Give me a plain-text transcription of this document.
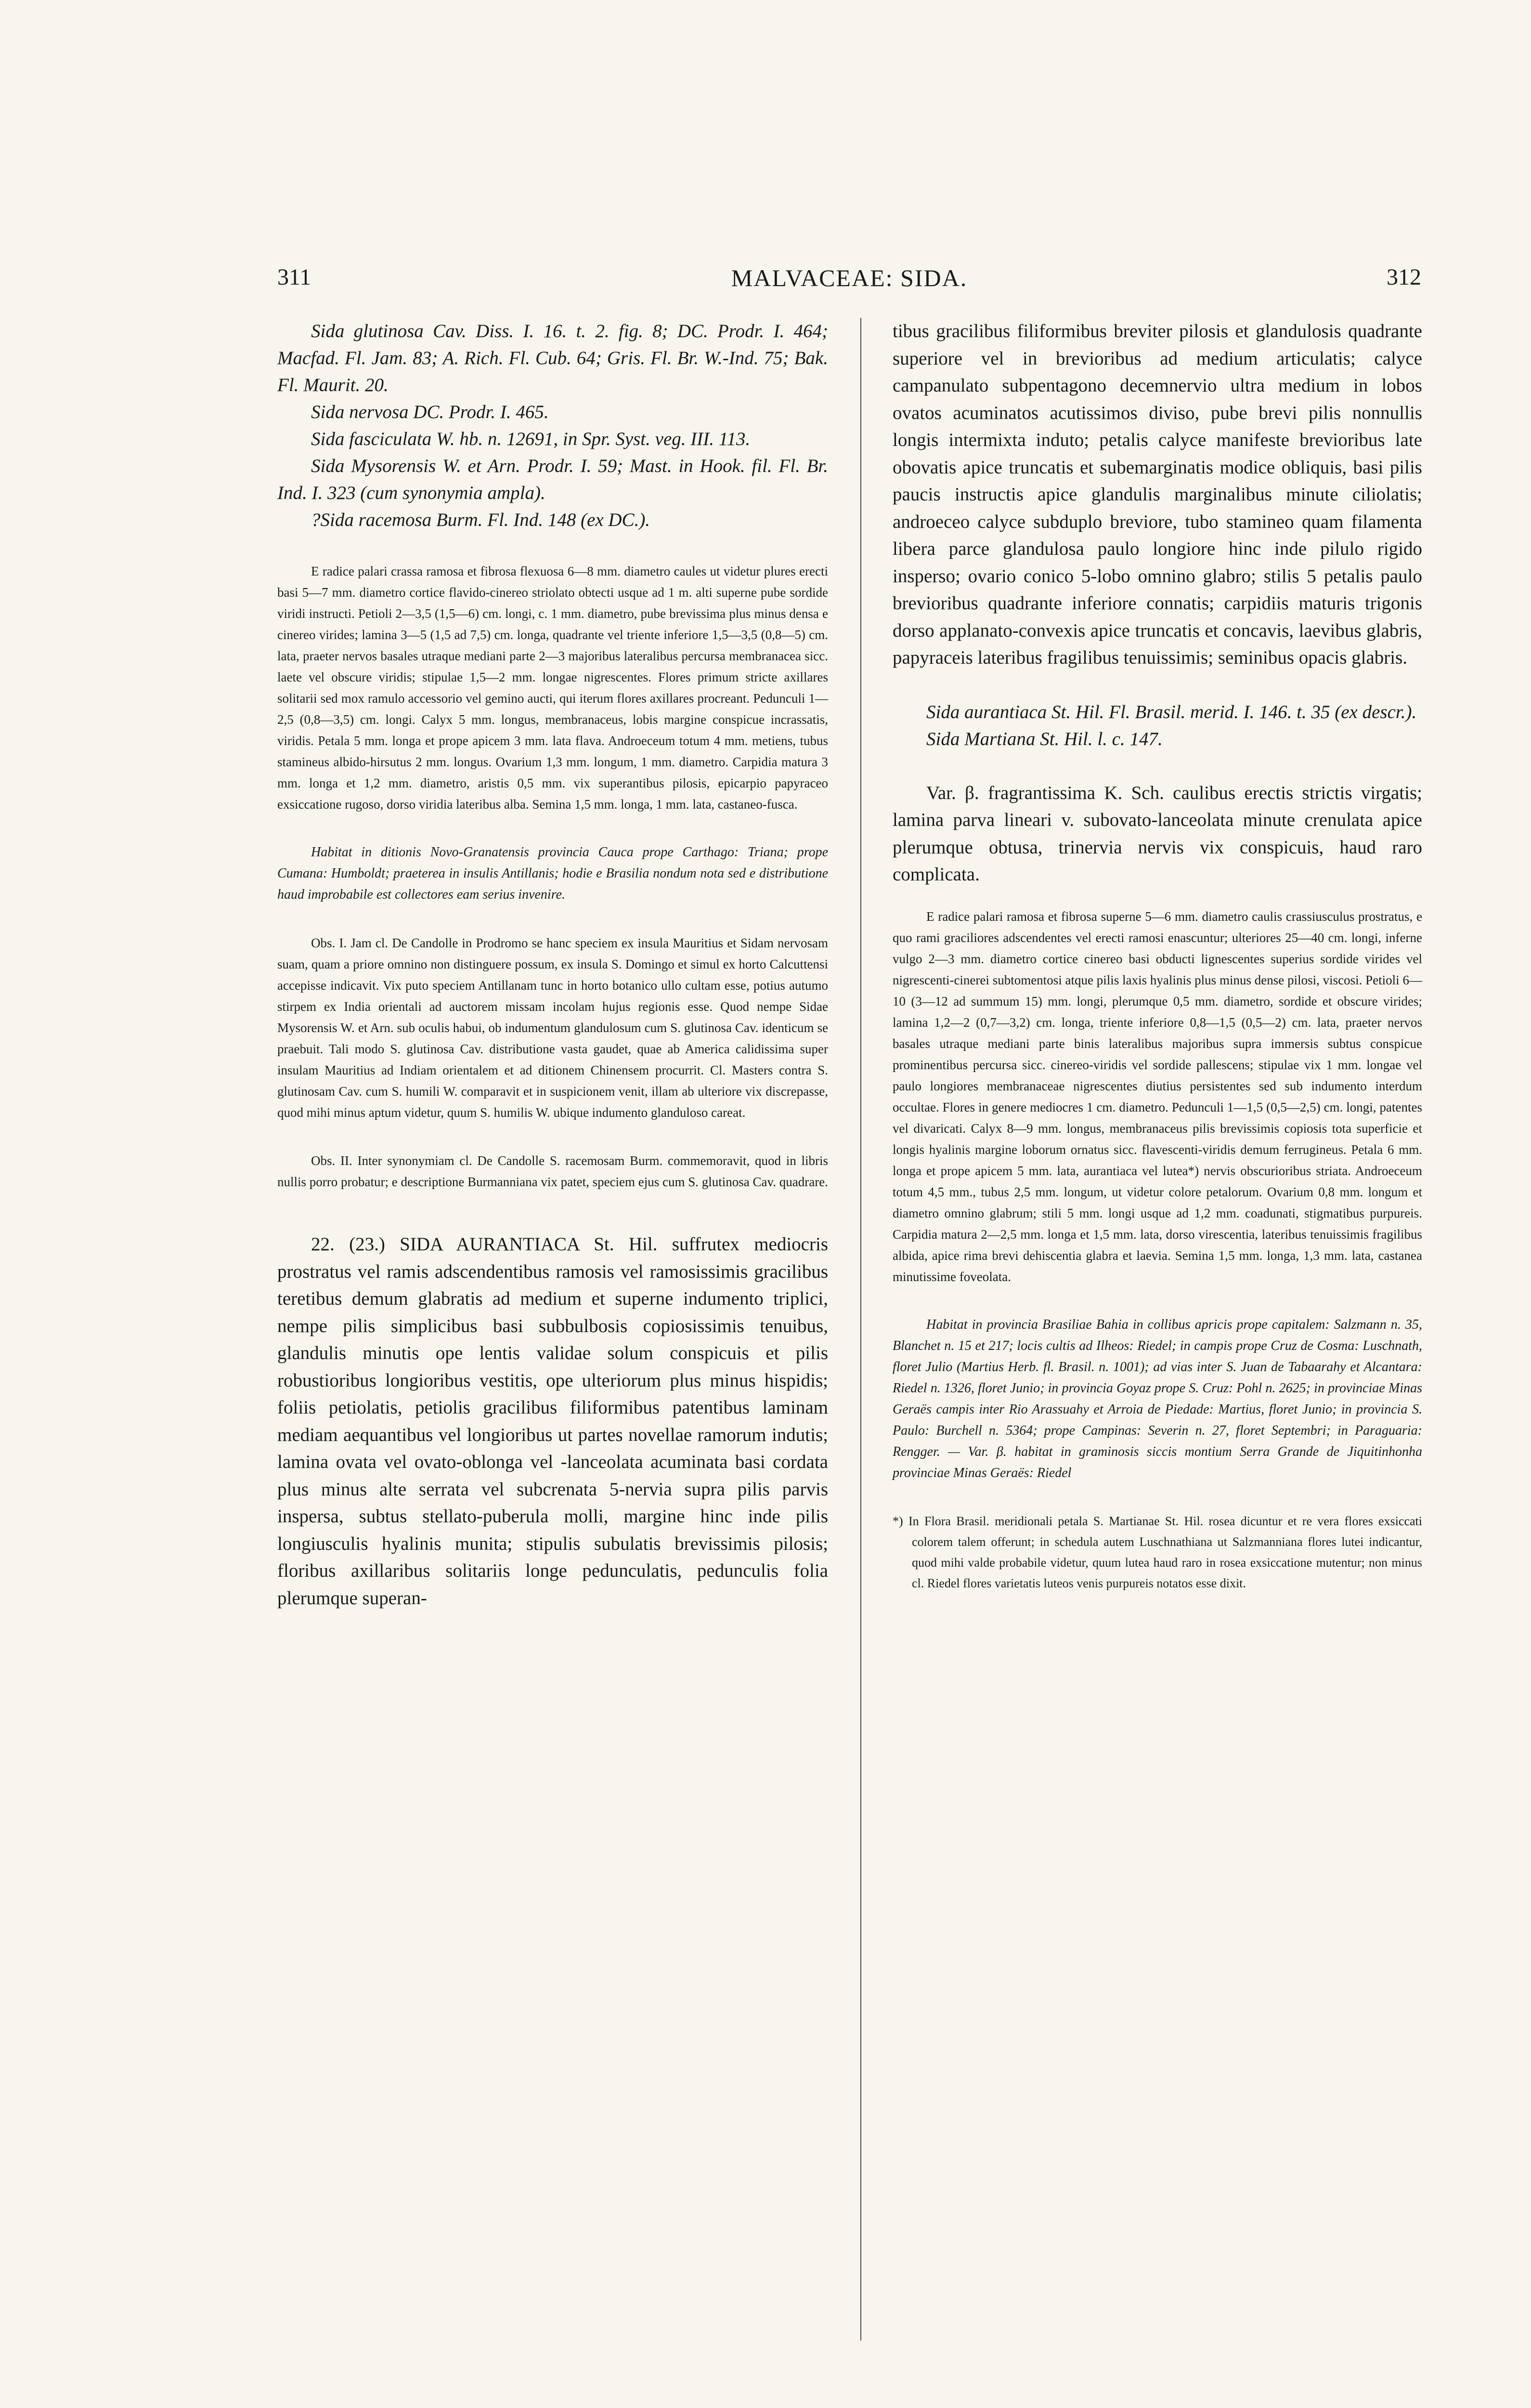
311	MALVACEAE: SIDA.	312

Sida glutinosa Cav. Diss. I. 16. t. 2. fig. 8; DC. Prodr. I. 464; Macfad. Fl. Jam. 83; A. Rich. Fl. Cub. 64; Gris. Fl. Br. W.-Ind. 75; Bak. Fl. Maurit. 20.

Sida nervosa DC. Prodr. I. 465.

Sida fasciculata W. hb. n. 12691, in Spr. Syst. veg. III. 113.

Sida Mysorensis W. et Arn. Prodr. I. 59; Mast. in Hook. fil. Fl. Br. Ind. I. 323 (cum synonymia ampla).

?Sida racemosa Burm. Fl. Ind. 148 (ex DC.).

E radice palari crassa ramosa et fibrosa flexuosa 6—8 mm. diametro caules ut videtur plures erecti basi 5—7 mm. diametro cortice flavido-cinereo striolato obtecti usque ad 1 m. alti superne pube sordide viridi instructi. Petioli 2—3,5 (1,5—6) cm. longi, c. 1 mm. diametro, pube brevissima plus minus densa e cinereo virides; lamina 3—5 (1,5 ad 7,5) cm. longa, quadrante vel triente inferiore 1,5—3,5 (0,8—5) cm. lata, praeter nervos basales utraque mediani parte 2—3 majoribus lateralibus percursa membranacea sicc. laete vel obscure viridis; stipulae 1,5—2 mm. longae nigrescentes. Flores primum stricte axillares solitarii sed mox ramulo accessorio vel gemino aucti, qui iterum flores axillares procreant. Pedunculi 1—2,5 (0,8—3,5) cm. longi. Calyx 5 mm. longus, membranaceus, lobis margine conspicue incrassatis, viridis. Petala 5 mm. longa et prope apicem 3 mm. lata flava. Androeceum totum 4 mm. metiens, tubus stamineus albido-hirsutus 2 mm. longus. Ovarium 1,3 mm. longum, 1 mm. diametro. Carpidia matura 3 mm. longa et 1,2 mm. diametro, aristis 0,5 mm. vix superantibus pilosis, epicarpio papyraceo exsiccatione rugoso, dorso viridia lateribus alba. Semina 1,5 mm. longa, 1 mm. lata, castaneo-fusca.

Habitat in ditionis Novo-Granatensis provincia Cauca prope Carthago: Triana; prope Cumana: Humboldt; praeterea in insulis Antillanis; hodie e Brasilia nondum nota sed e distributione haud improbabile est collectores eam serius invenire.

Obs. I. Jam cl. De Candolle in Prodromo se hanc speciem ex insula Mauritius et Sidam nervosam suam, quam a priore omnino non distinguere possum, ex insula S. Domingo et simul ex horto Calcuttensi accepisse indicavit. Vix puto speciem Antillanam tunc in horto botanico ullo cultam esse, potius autumo stirpem ex India orientali ad auctorem missam incolam hujus regionis esse. Quod nempe Sidae Mysorensis W. et Arn. sub oculis habui, ob indumentum glandulosum cum S. glutinosa Cav. identicum se praebuit. Tali modo S. glutinosa Cav. distributione vasta gaudet, quae ab America calidissima super insulam Mauritius ad Indiam orientalem et ad ditionem Chinensem procurrit. Cl. Masters contra S. glutinosam Cav. cum S. humili W. comparavit et in suspicionem venit, illam ab ulteriore vix discrepasse, quod mihi minus aptum videtur, quum S. humilis W. ubique indumento glanduloso careat.

Obs. II. Inter synonymiam cl. De Candolle S. racemosam Burm. commemoravit, quod in libris nullis porro probatur; e descriptione Burmanniana vix patet, speciem ejus cum S. glutinosa Cav. quadrare.

22. (23.) SIDA AURANTIACA St. Hil. suffrutex mediocris prostratus vel ramis adscendentibus ramosis vel ramosissimis gracilibus teretibus demum glabratis ad medium et superne indumento triplici, nempe pilis simplicibus basi subbulbosis copiosissimis tenuibus, glandulis minutis ope lentis validae solum conspicuis et pilis robustioribus longioribus vestitis, ope ulteriorum plus minus hispidis; foliis petiolatis, petiolis gracilibus filiformibus patentibus laminam mediam aequantibus vel longioribus ut partes novellae ramorum indutis; lamina ovata vel ovato-oblonga vel -lanceolata acuminata basi cordata plus minus alte serrata vel subcrenata 5-nervia supra pilis parvis inspersa, subtus stellato-puberula molli, margine hinc inde pilis longiusculis hyalinis munita; stipulis subulatis brevissimis pilosis; floribus axillaribus solitariis longe pedunculatis, pedunculis folia plerumque superan-

tibus gracilibus filiformibus breviter pilosis et glandulosis quadrante superiore vel in brevioribus ad medium articulatis; calyce campanulato subpentagono decemnervio ultra medium in lobos ovatos acuminatos acutissimos diviso, pube brevi pilis nonnullis longis intermixta induto; petalis calyce manifeste brevioribus late obovatis apice truncatis et subemarginatis modice obliquis, basi pilis paucis instructis apice glandulis marginalibus minute ciliolatis; androeceo calyce subduplo breviore, tubo stamineo quam filamenta libera parce glandulosa paulo longiore hinc inde pilulo rigido insperso; ovario conico 5-lobo omnino glabro; stilis 5 petalis paulo brevioribus quadrante inferiore connatis; carpidiis maturis trigonis dorso applanato-convexis apice truncatis et concavis, laevibus glabris, papyraceis lateribus fragilibus tenuissimis; seminibus opacis glabris.

Sida aurantiaca St. Hil. Fl. Brasil. merid. I. 146. t. 35 (ex descr.).

Sida Martiana St. Hil. l. c. 147.

Var. β. fragrantissima K. Sch. caulibus erectis strictis virgatis; lamina parva lineari v. subovato-lanceolata minute crenulata apice plerumque obtusa, trinervia nervis vix conspicuis, haud raro complicata.

E radice palari ramosa et fibrosa superne 5—6 mm. diametro caulis crassiusculus prostratus, e quo rami graciliores adscendentes vel erecti ramosi enascuntur; ulteriores 25—40 cm. longi, inferne vulgo 2—3 mm. diametro cortice cinereo basi obducti lignescentes superius sordide virides vel nigrescenti-cinerei subtomentosi atque pilis laxis hyalinis plus minus dense pilosi, viscosi. Petioli 6—10 (3—12 ad summum 15) mm. longi, plerumque 0,5 mm. diametro, sordide et obscure virides; lamina 1,2—2 (0,7—3,2) cm. longa, triente inferiore 0,8—1,5 (0,5—2) cm. lata, praeter nervos basales utraque mediani parte binis lateralibus majoribus supra immersis subtus conspicue prominentibus percursa sicc. cinereo-viridis vel sordide pallescens; stipulae vix 1 mm. longae vel paulo longiores membranaceae nigrescentes diutius persistentes sed sub indumento interdum occultae. Flores in genere mediocres 1 cm. diametro. Pedunculi 1—1,5 (0,5—2,5) cm. longi, patentes vel divaricati. Calyx 8—9 mm. longus, membranaceus pilis brevissimis copiosis tota superficie et longis hyalinis margine loborum ornatus sicc. flavescenti-viridis demum ferrugineus. Petala 6 mm. longa et prope apicem 5 mm. lata, aurantiaca vel lutea*) nervis obscurioribus striata. Androeceum totum 4,5 mm., tubus 2,5 mm. longum, ut videtur colore petalorum. Ovarium 0,8 mm. longum et diametro omnino glabrum; stili 5 mm. longi usque ad 1,2 mm. coadunati, stigmatibus purpureis. Carpidia matura 2—2,5 mm. longa et 1,5 mm. lata, dorso virescentia, lateribus tenuissimis fragilibus albida, apice rima brevi dehiscentia glabra et laevia. Semina 1,5 mm. longa, 1,3 mm. lata, castanea minutissime foveolata.

Habitat in provincia Brasiliae Bahia in collibus apricis prope capitalem: Salzmann n. 35, Blanchet n. 15 et 217; locis cultis ad Ilheos: Riedel; in campis prope Cruz de Cosma: Luschnath, floret Julio (Martius Herb. fl. Brasil. n. 1001); ad vias inter S. Juan de Tabaarahy et Alcantara: Riedel n. 1326, floret Junio; in provincia Goyaz prope S. Cruz: Pohl n. 2625; in provinciae Minas Geraës campis inter Rio Arassuahy et Arroia de Piedade: Martius, floret Junio; in provincia S. Paulo: Burchell n. 5364; prope Campinas: Severin n. 27, floret Septembri; in Paraguaria: Rengger. — Var. β. habitat in graminosis siccis montium Serra Grande de Jiquitinhonha provinciae Minas Geraës: Riedel

*) In Flora Brasil. meridionali petala S. Martianae St. Hil. rosea dicuntur et re vera flores exsiccati colorem talem offerunt; in schedula autem Luschnathiana ut Salzmanniana flores lutei indicantur, quod mihi valde probabile videtur, quum lutea haud raro in rosea exsiccatione mutentur; non minus cl. Riedel flores varietatis luteos venis purpureis notatos esse dixit.
